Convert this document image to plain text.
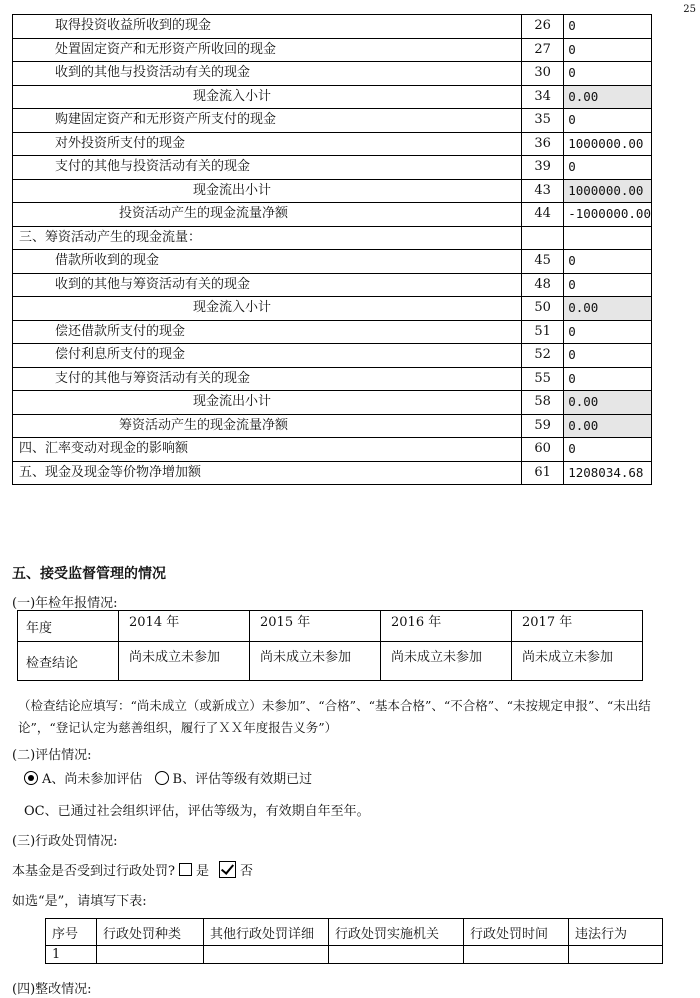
25
取得投资收益所收到的现金	26	0
处置固定资产和无形资产所收回的现金	27	0
收到的其他与投资活动有关的现金	30	0
现金流入小计	34	0.00
购建固定资产和无形资产所支付的现金	35	0
对外投资所支付的现金	36	1000000.00
支付的其他与投资活动有关的现金	39	0
现金流出小计	43	1000000.00
投资活动产生的现金流量净额	44	-1000000.00
三、筹资活动产生的现金流量：		
借款所收到的现金	45	0
收到的其他与筹资活动有关的现金	48	0
现金流入小计	50	0.00
偿还借款所支付的现金	51	0
偿付利息所支付的现金	52	0
支付的其他与筹资活动有关的现金	55	0
现金流出小计	58	0.00
筹资活动产生的现金流量净额	59	0.00
四、汇率变动对现金的影响额	60	0
五、现金及现金等价物净增加额	61	1208034.68
五、接受监督管理的情况
(一)年检年报情况:
年度	2014 年	2015 年	2016 年	2017 年
检查结论	尚未成立未参加	尚未成立未参加	尚未成立未参加	尚未成立未参加
（检查结论应填写：“尚未成立（或新成立）未参加”、“合格”、“基本合格”、“不合格”、“未按规定申报”、“未出结论”，“登记认定为慈善组织，履行了ＸＸ年度报告义务”）
(二)评估情况:
A、尚未参加评估 B、评估等级有效期已过
OC、已通过社会组织评估，评估等级为，有效期自年至年。
(三)行政处罚情况:
本基金是否受到过行政处罚? 是 否
如选“是”，请填写下表:
序号	行政处罚种类	其他行政处罚详细	行政处罚实施机关	行政处罚时间	违法行为
1					
(四)整改情况:
